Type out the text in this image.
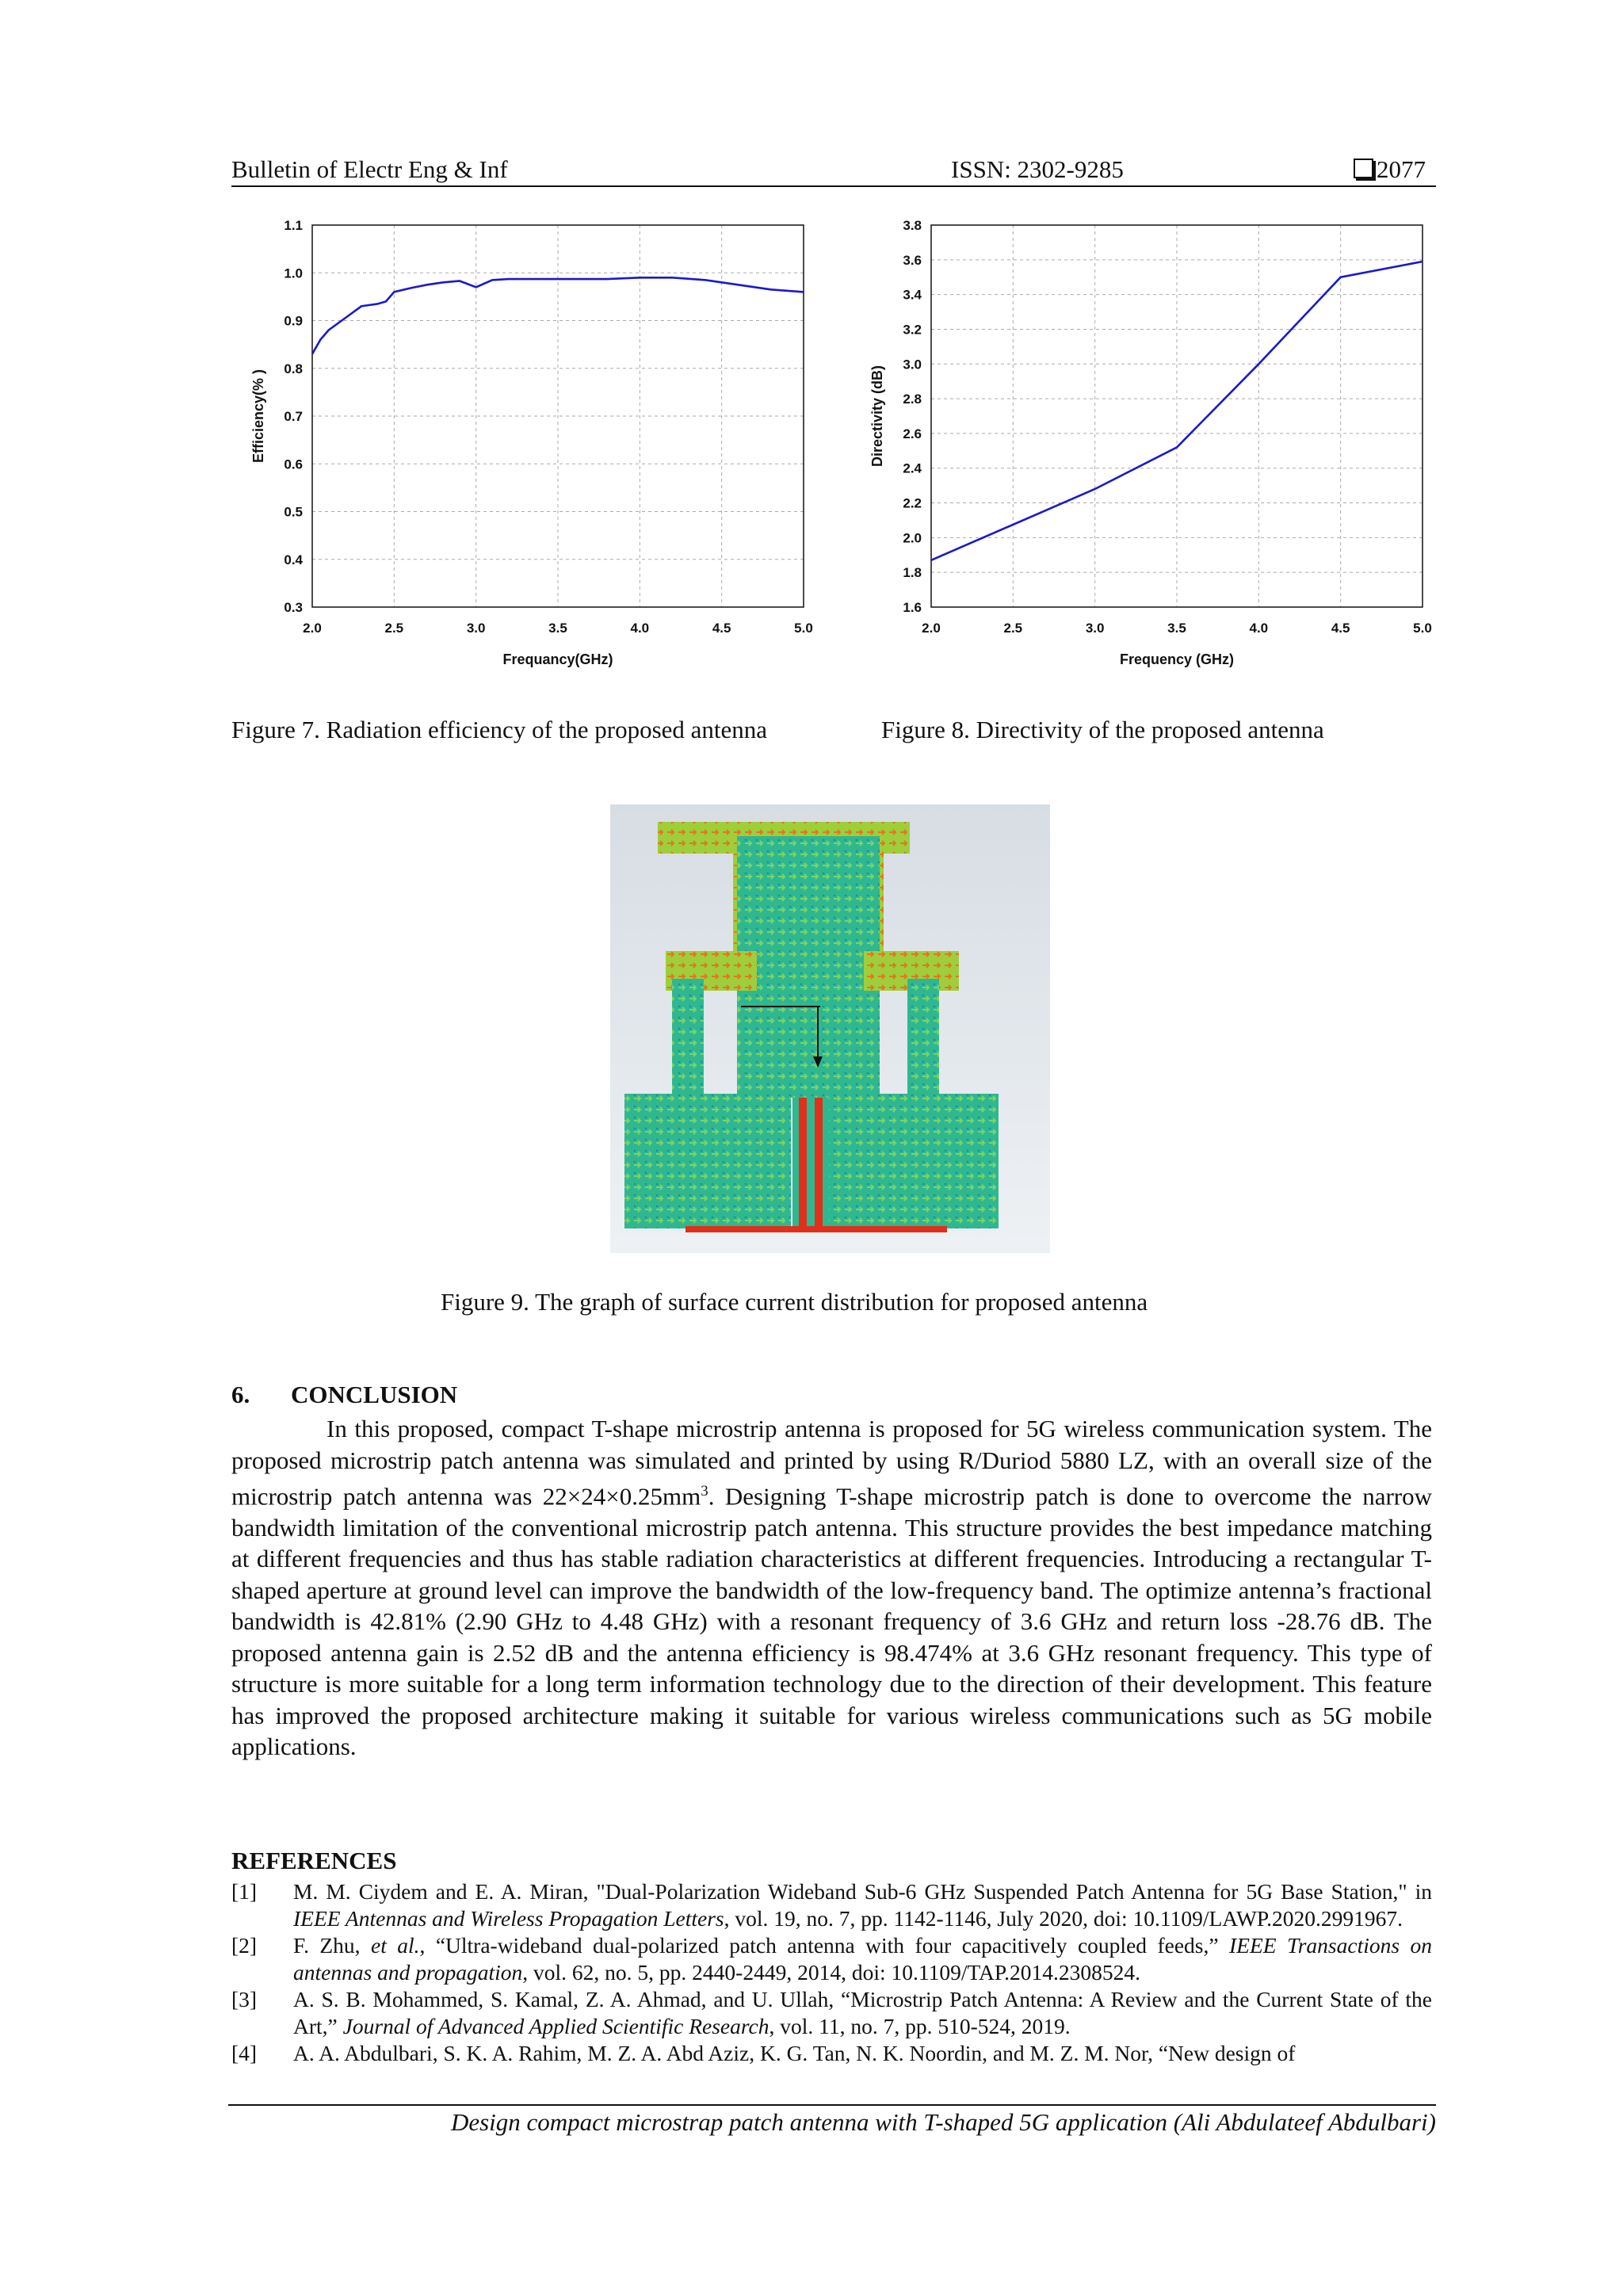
Bulletin of Electr Eng & Inf	ISSN: 2302-9285	2077
0.3
0.4
0.5
0.6
0.7
0.8
0.9
1.0
1.1
2.0	2.5	3.0	3.5	4.0	4.5	5.0
Frequancy(GHz)
Efficiency(% )
1.6
1.8
2.0
2.2
2.4
2.6
2.8
3.0
3.2
3.4
3.6
3.8
2.0	2.5	3.0	3.5	4.0	4.5	5.0
Frequency (GHz)
Directivity (dB)
Figure 7. Radiation efficiency of the proposed antenna	Figure 8. Directivity of the proposed antenna
Figure 9. The graph of surface current distribution for proposed antenna
6. CONCLUSION
In this proposed, compact T-shape microstrip antenna is proposed for 5G wireless communication system. The proposed microstrip patch antenna was simulated and printed by using R/Duriod 5880 LZ, with an overall size of the microstrip patch antenna was $22\times 24\times 0.25mm^3$. Designing T-shape microstrip patch is done to overcome the narrow bandwidth limitation of the conventional microstrip patch antenna. This structure provides the best impedance matching at different frequencies and thus has stable radiation characteristics at different frequencies. Introducing a rectangular T-shaped aperture at ground level can improve the bandwidth of the low-frequency band. The optimize antenna’s fractional bandwidth is 42.81% (2.90 GHz to 4.48 GHz) with a resonant frequency of 3.6 GHz and return loss -28.76 dB. The proposed antenna gain is 2.52 dB and the antenna efficiency is 98.474% at 3.6 GHz resonant frequency. This type of structure is more suitable for a long term information technology due to the direction of their development. This feature has improved the proposed architecture making it suitable for various wireless communications such as 5G mobile applications.
REFERENCES
[1]	M. M. Ciydem and E. A. Miran, "Dual-Polarization Wideband Sub-6 GHz Suspended Patch Antenna for 5G Base Station," in IEEE Antennas and Wireless Propagation Letters, vol. 19, no. 7, pp. 1142-1146, July 2020, doi: 10.1109/LAWP.2020.2991967.
[2]	F. Zhu, et al., “Ultra-wideband dual-polarized patch antenna with four capacitively coupled feeds,” IEEE Transactions on antennas and propagation, vol. 62, no. 5, pp. 2440-2449, 2014, doi: 10.1109/TAP.2014.2308524.
[3]	A. S. B. Mohammed, S. Kamal, Z. A. Ahmad, and U. Ullah, “Microstrip Patch Antenna: A Review and the Current State of the Art,” Journal of Advanced Applied Scientific Research, vol. 11, no. 7, pp. 510-524, 2019.
[4]	A. A. Abdulbari, S. K. A. Rahim, M. Z. A. Abd Aziz, K. G. Tan, N. K. Noordin, and M. Z. M. Nor, “New design of
Design compact microstrap patch antenna with T-shaped 5G application (Ali Abdulateef Abdulbari)
